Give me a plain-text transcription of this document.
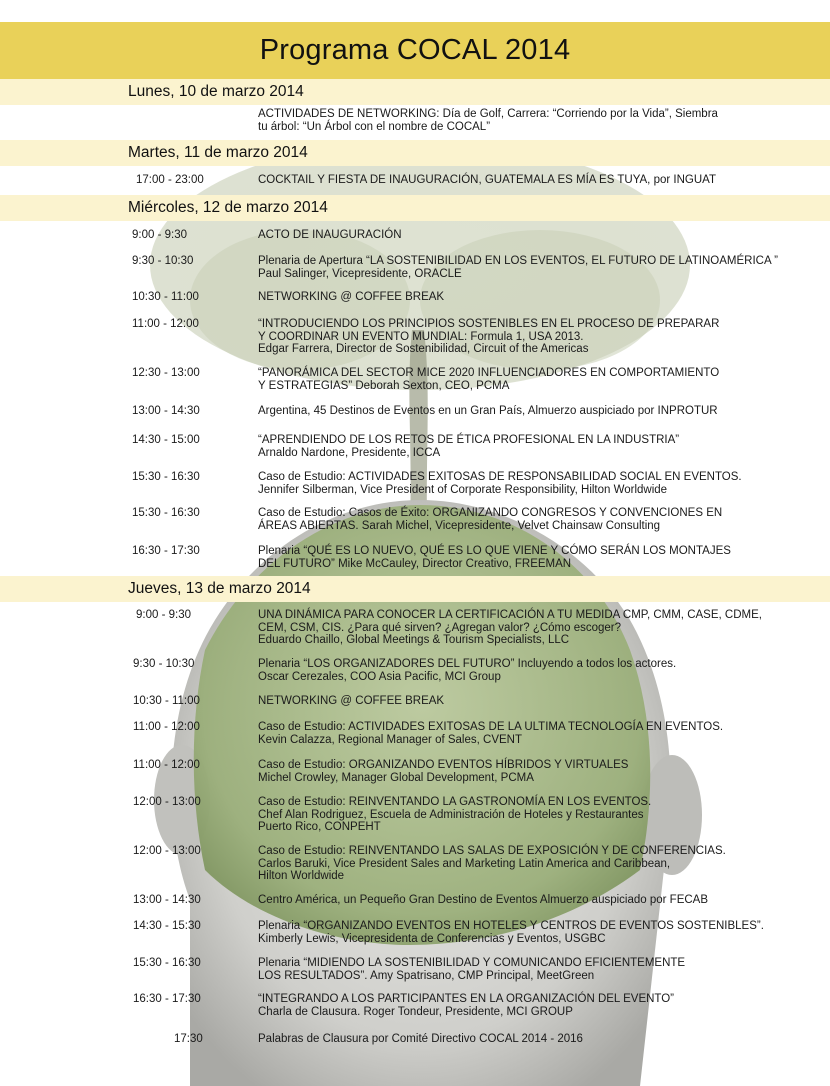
Programa COCAL 2014
Lunes, 10 de marzo 2014
ACTIVIDADES DE NETWORKING: Día de Golf, Carrera: “Corriendo por la Vida”, Siembra
tu árbol: “Un Árbol con el nombre de COCAL”
Martes, 11 de marzo 2014
17:00 - 23:00	COCKTAIL Y FIESTA DE INAUGURACIÓN, GUATEMALA ES MÍA ES TUYA, por INGUAT
Miércoles, 12 de marzo 2014
9:00 - 9:30	ACTO DE INAUGURACIÓN
9:30 - 10:30	Plenaria de Apertura “LA SOSTENIBILIDAD EN LOS EVENTOS, EL FUTURO DE LATINOAMÉRICA ”
Paul Salinger, Vicepresidente, ORACLE
10:30 - 11:00	NETWORKING @ COFFEE BREAK
11:00 - 12:00	“INTRODUCIENDO LOS PRINCIPIOS SOSTENIBLES EN EL PROCESO DE PREPARAR
Y COORDINAR UN EVENTO MUNDIAL: Formula 1, USA 2013.
Edgar Farrera, Director de Sostenibilidad, Circuit of the Americas
12:30 - 13:00	“PANORÁMICA DEL SECTOR MICE 2020 INFLUENCIADORES EN COMPORTAMIENTO
Y ESTRATEGIAS” Deborah Sexton, CEO, PCMA
13:00 - 14:30	Argentina, 45 Destinos de Eventos en un Gran País, Almuerzo auspiciado por INPROTUR
14:30 - 15:00	“APRENDIENDO DE LOS RETOS DE ÉTICA PROFESIONAL EN LA INDUSTRIA”
Arnaldo Nardone, Presidente, ICCA
15:30 - 16:30	Caso de Estudio: ACTIVIDADES EXITOSAS DE RESPONSABILIDAD SOCIAL EN EVENTOS.
Jennifer Silberman, Vice President of Corporate Responsibility, Hilton Worldwide
15:30 - 16:30	Caso de Estudio: Casos de Éxito: ORGANIZANDO CONGRESOS Y CONVENCIONES EN
ÁREAS ABIERTAS. Sarah Michel, Vicepresidente, Velvet Chainsaw Consulting
16:30 - 17:30	Plenaria “QUÉ ES LO NUEVO, QUÉ ES LO QUE VIENE Y CÓMO SERÁN LOS MONTAJES
DEL FUTURO” Mike McCauley, Director Creativo, FREEMAN
Jueves, 13 de marzo 2014
9:00 - 9:30	UNA DINÁMICA PARA CONOCER LA CERTIFICACIÓN A TU MEDIDA CMP, CMM, CASE, CDME,
CEM, CSM, CIS. ¿Para qué sirven? ¿Agregan valor? ¿Cómo escoger?
Eduardo Chaillo, Global Meetings & Tourism Specialists, LLC
9:30 - 10:30	Plenaria “LOS ORGANIZADORES DEL FUTURO” Incluyendo a todos los actores.
Oscar Cerezales, COO Asia Pacific, MCI Group
10:30 - 11:00	NETWORKING @ COFFEE BREAK
11:00 - 12:00	Caso de Estudio: ACTIVIDADES EXITOSAS DE LA ULTIMA TECNOLOGÍA EN EVENTOS.
Kevin Calazza, Regional Manager of Sales, CVENT
11:00 - 12:00	Caso de Estudio: ORGANIZANDO EVENTOS HÍBRIDOS Y VIRTUALES
Michel Crowley, Manager Global Development, PCMA
12:00 - 13:00	Caso de Estudio: REINVENTANDO LA GASTRONOMÍA EN LOS EVENTOS.
Chef Alan Rodriguez, Escuela de Administración de Hoteles y Restaurantes
Puerto Rico, CONPEHT
12:00 - 13:00	Caso de Estudio: REINVENTANDO LAS SALAS DE EXPOSICIÓN Y DE CONFERENCIAS.
Carlos Baruki, Vice President Sales and Marketing Latin America and Caribbean,
Hilton Worldwide
13:00 - 14:30	Centro América, un Pequeño Gran Destino de Eventos Almuerzo auspiciado por FECAB
14:30 - 15:30	Plenaria “ORGANIZANDO EVENTOS EN HOTELES Y CENTROS DE EVENTOS SOSTENIBLES”.
Kimberly Lewis, Vicepresidenta de Conferencias y Eventos, USGBC
15:30 - 16:30	Plenaria “MIDIENDO LA SOSTENIBILIDAD Y COMUNICANDO EFICIENTEMENTE
LOS RESULTADOS”. Amy Spatrisano, CMP Principal, MeetGreen
16:30 - 17:30	“INTEGRANDO A LOS PARTICIPANTES EN LA ORGANIZACIÓN DEL EVENTO”
Charla de Clausura. Roger Tondeur, Presidente, MCI GROUP
17:30	Palabras de Clausura por Comité Directivo COCAL 2014 - 2016
